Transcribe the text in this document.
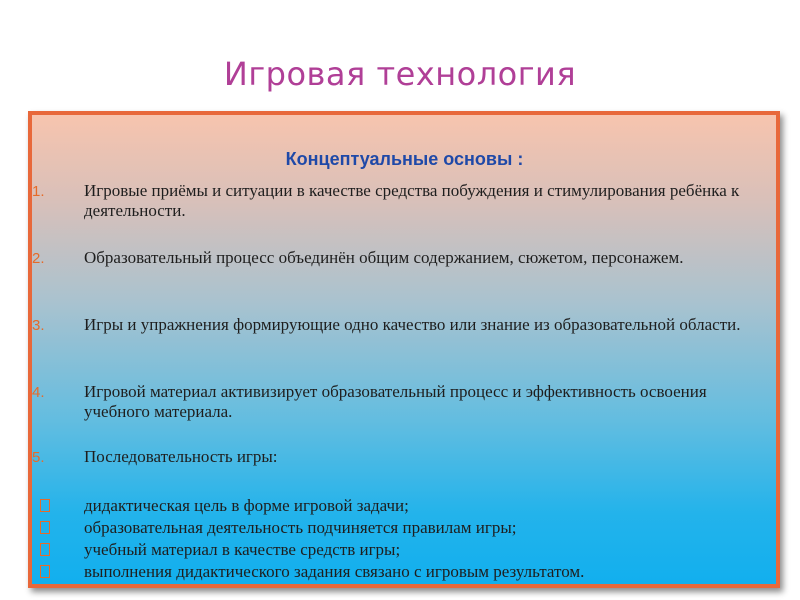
Игровая технология
Концептуальные основы :
1. Игровые приёмы и ситуации в качестве средства побуждения и стимулирования ребёнка к деятельности.
2. Образовательный процесс объединён общим содержанием, сюжетом, персонажем.
3. Игры и упражнения формирующие одно качество или знание из образовательной области.
4. Игровой материал активизирует образовательный процесс и эффективность освоения учебного материала.
5. Последовательность игры:
дидактическая цель в форме игровой задачи;
образовательная деятельность подчиняется правилам игры;
учебный материал в качестве средств игры;
выполнения дидактического задания связано с игровым результатом.
